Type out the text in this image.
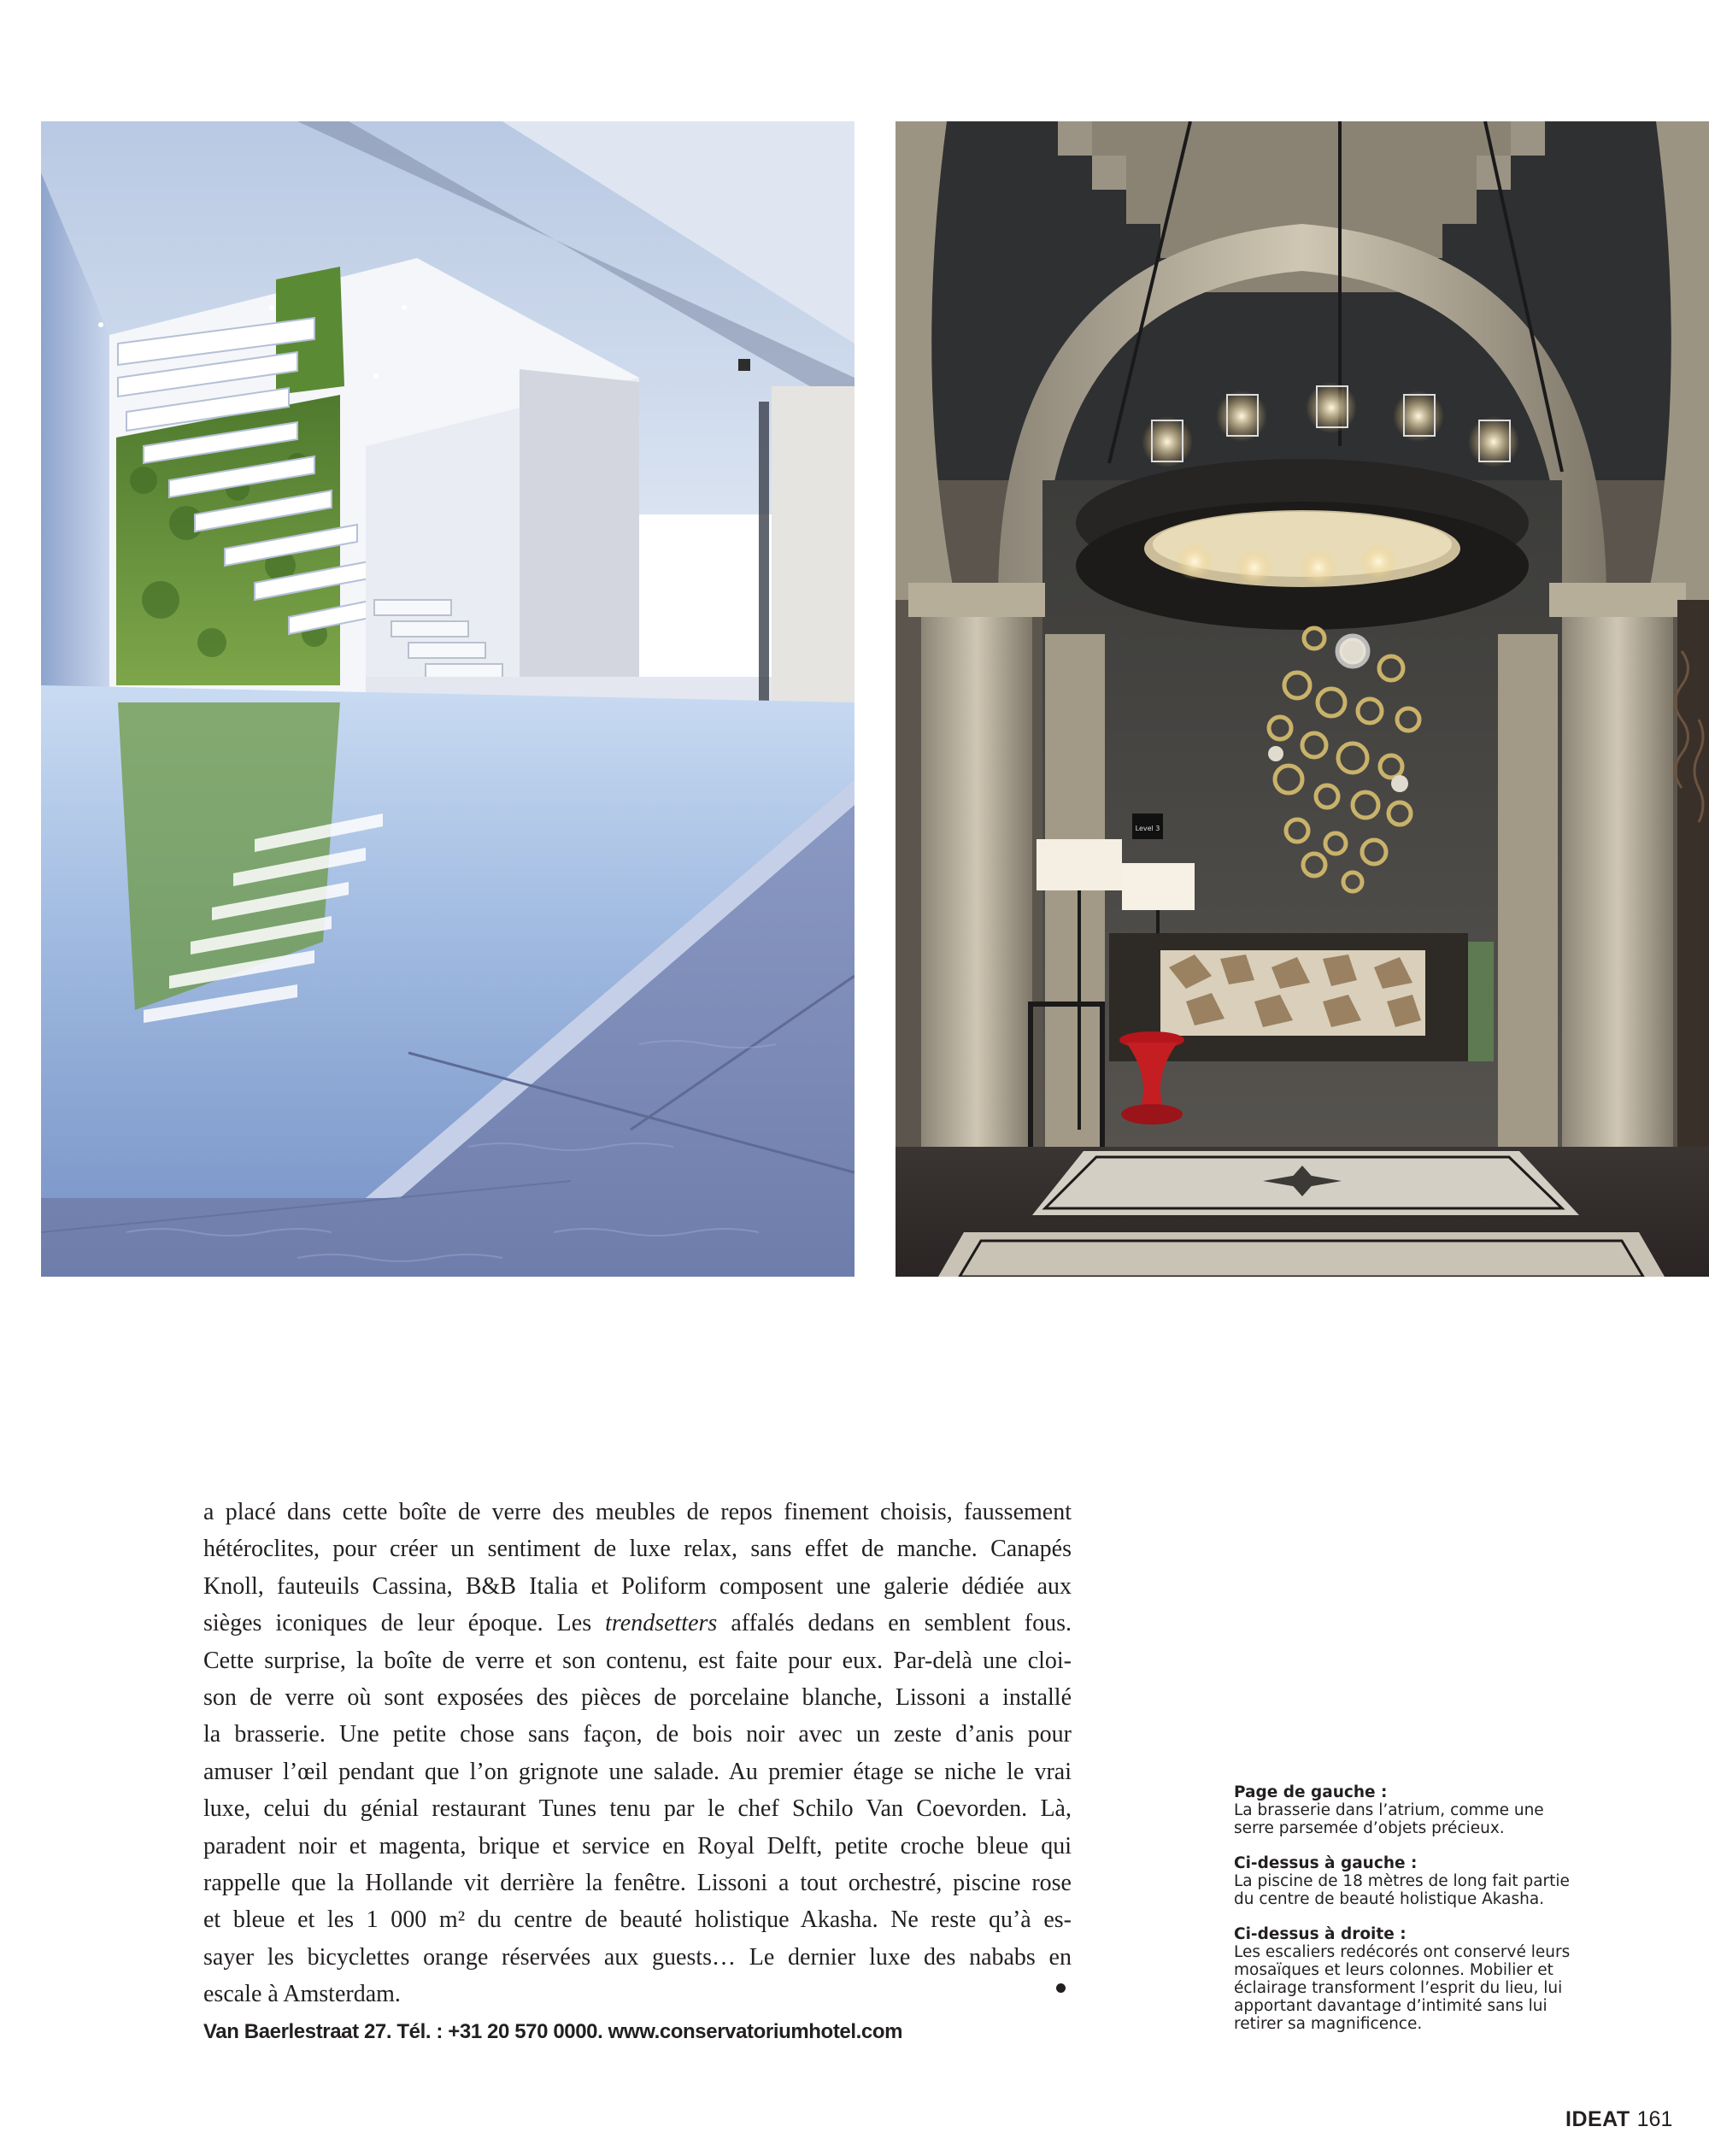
Level 3

a placé dans cette boîte de verre des meubles de repos finement choisis, faussement
hétéroclites, pour créer un sentiment de luxe relax, sans effet de manche. Canapés
Knoll, fauteuils Cassina, B&B Italia et Poliform composent une galerie dédiée aux
sièges iconiques de leur époque. Les trendsetters affalés dedans en semblent fous.
Cette surprise, la boîte de verre et son contenu, est faite pour eux. Par-delà une cloi-
son de verre où sont exposées des pièces de porcelaine blanche, Lissoni a installé
la brasserie. Une petite chose sans façon, de bois noir avec un zeste d’anis pour
amuser l’œil pendant que l’on grignote une salade. Au premier étage se niche le vrai
luxe, celui du génial restaurant Tunes tenu par le chef Schilo Van Coevorden. Là,
paradent noir et magenta, brique et service en Royal Delft, petite croche bleue qui
rappelle que la Hollande vit derrière la fenêtre. Lissoni a tout orchestré, piscine rose
et bleue et les 1 000 m² du centre de beauté holistique Akasha. Ne reste qu’à es-
sayer les bicyclettes orange réservées aux guests… Le dernier luxe des nababs en
escale à Amsterdam.

Van Baerlestraat 27. Tél. : +31 20 570 0000. www.conservatoriumhotel.com
Page de gauche :
La brasserie dans l’atrium, comme une
serre parsemée d’objets précieux.
Ci-dessus à gauche :
La piscine de 18 mètres de long fait partie
du centre de beauté holistique Akasha.
Ci-dessus à droite :
Les escaliers redécorés ont conservé leurs
mosaïques et leurs colonnes. Mobilier et
éclairage transforment l’esprit du lieu, lui
apportant davantage d’intimité sans lui
retirer sa magnificence.
IDEAT 161
